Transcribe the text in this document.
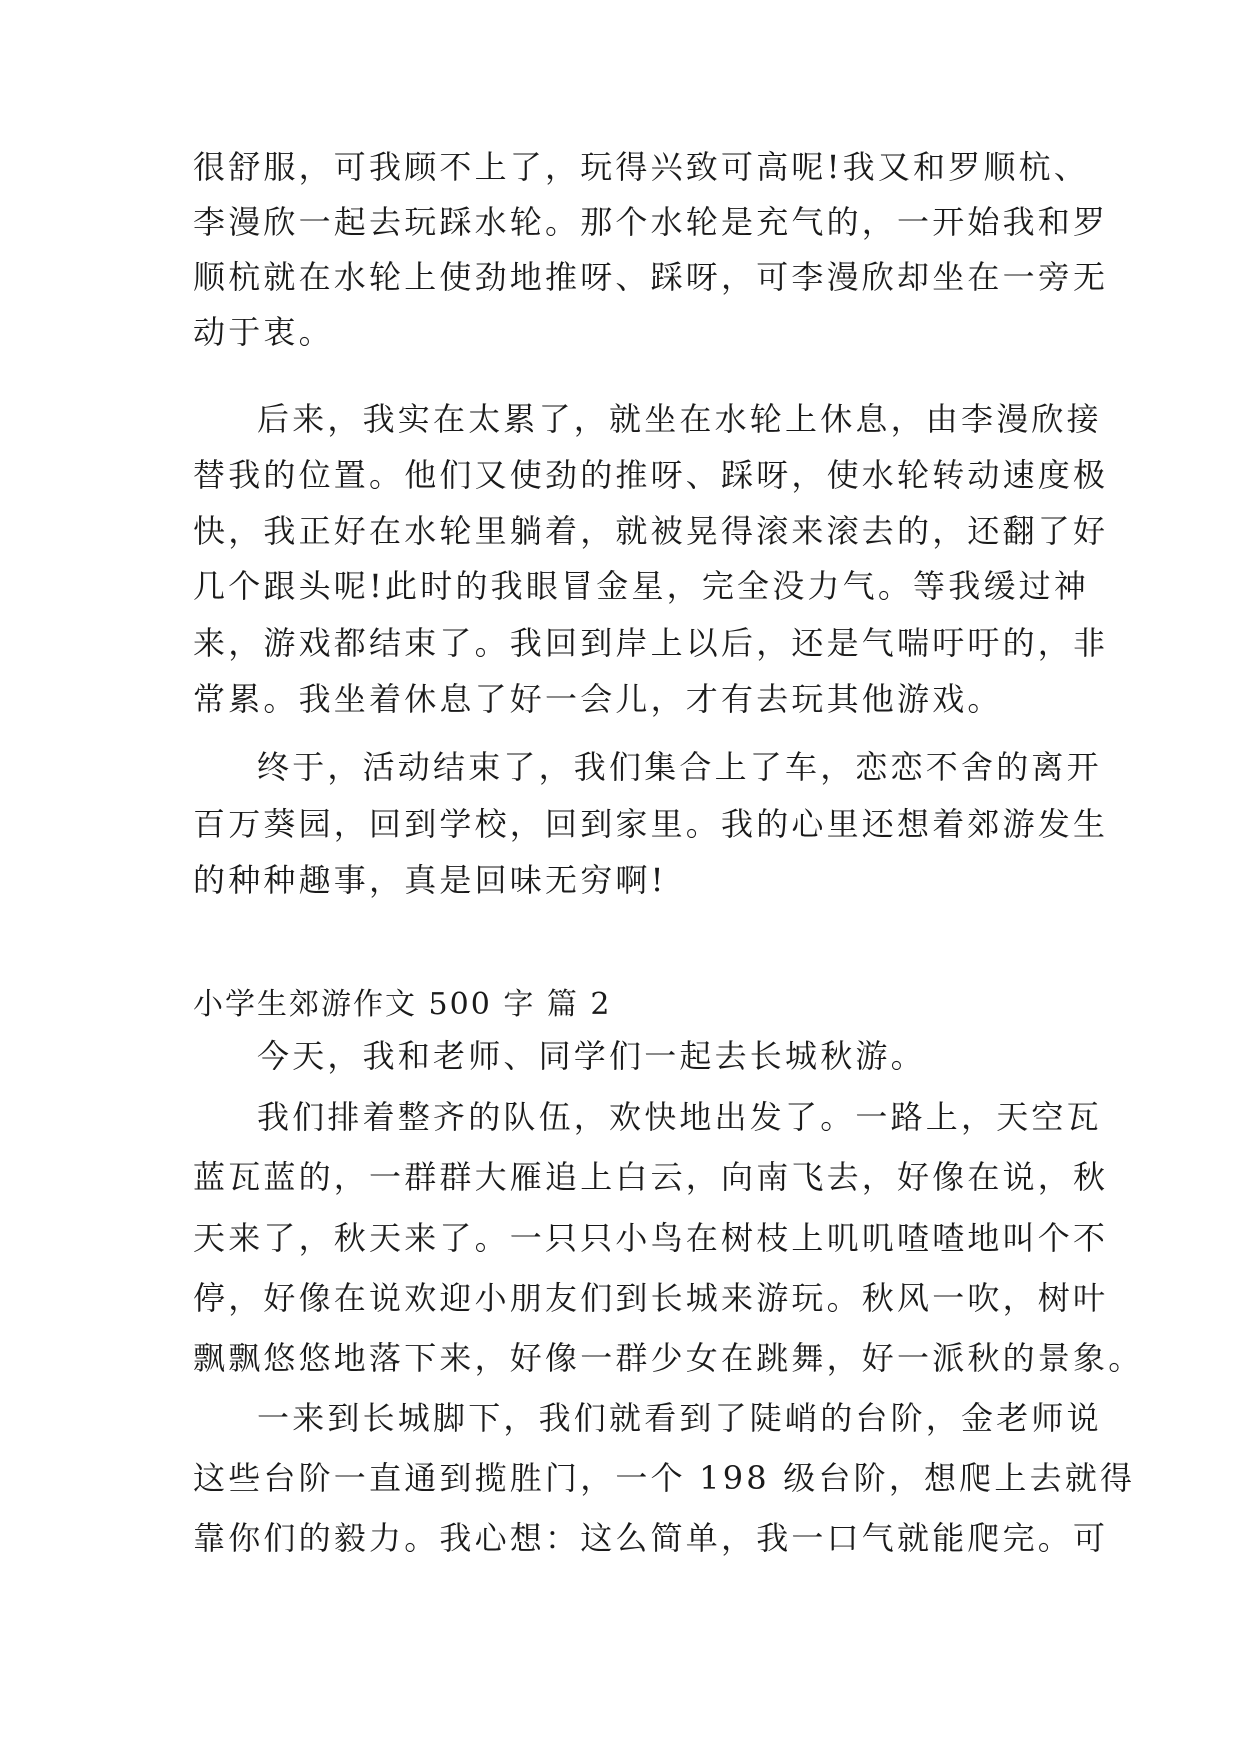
很舒服，可我顾不上了，玩得兴致可高呢!我又和罗顺杭、
李漫欣一起去玩踩水轮。那个水轮是充气的，一开始我和罗
顺杭就在水轮上使劲地推呀、踩呀，可李漫欣却坐在一旁无
动于衷。
后来，我实在太累了，就坐在水轮上休息，由李漫欣接
替我的位置。他们又使劲的推呀、踩呀，使水轮转动速度极
快，我正好在水轮里躺着，就被晃得滚来滚去的，还翻了好
几个跟头呢!此时的我眼冒金星，完全没力气。等我缓过神
来，游戏都结束了。我回到岸上以后，还是气喘吁吁的，非
常累。我坐着休息了好一会儿，才有去玩其他游戏。
终于，活动结束了，我们集合上了车，恋恋不舍的离开
百万葵园，回到学校，回到家里。我的心里还想着郊游发生
的种种趣事，真是回味无穷啊!
小学生郊游作文 500 字 篇 2
今天，我和老师、同学们一起去长城秋游。
我们排着整齐的队伍，欢快地出发了。一路上，天空瓦
蓝瓦蓝的，一群群大雁追上白云，向南飞去，好像在说，秋
天来了，秋天来了。一只只小鸟在树枝上叽叽喳喳地叫个不
停，好像在说欢迎小朋友们到长城来游玩。秋风一吹，树叶
飘飘悠悠地落下来，好像一群少女在跳舞，好一派秋的景象。
一来到长城脚下，我们就看到了陡峭的台阶，金老师说
这些台阶一直通到揽胜门，一个 198 级台阶，想爬上去就得
靠你们的毅力。我心想：这么简单，我一口气就能爬完。可
